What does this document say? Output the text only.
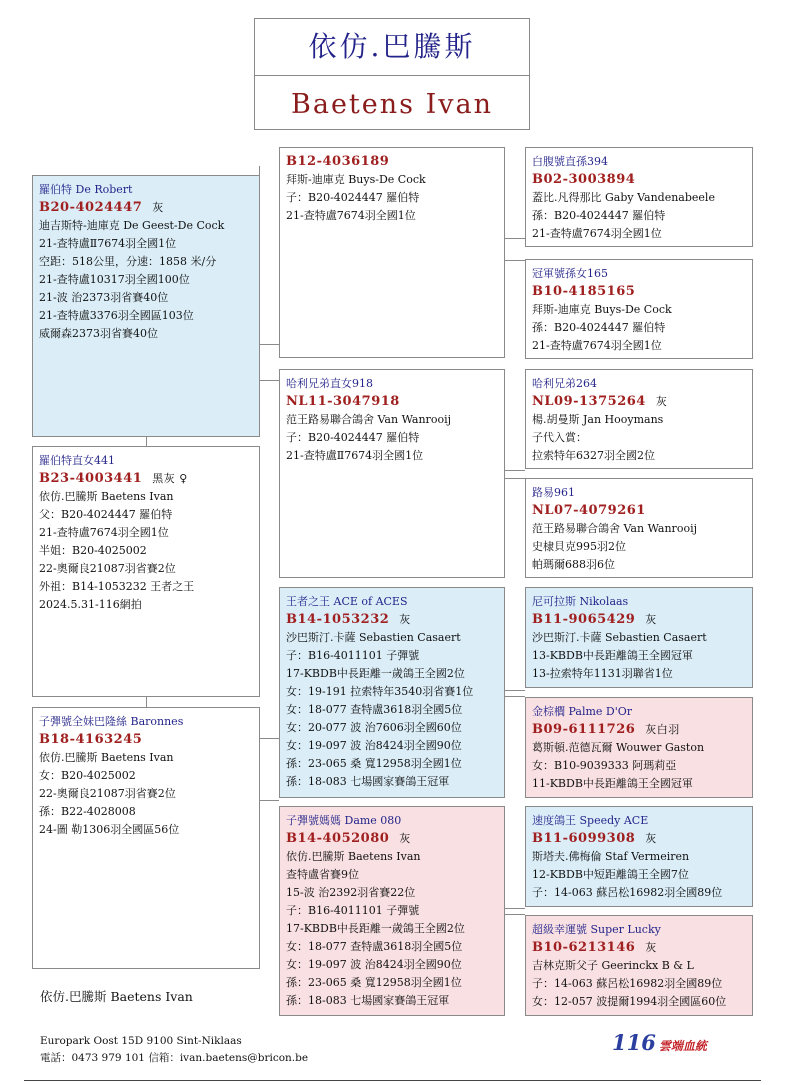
依仿.巴騰斯
Baetens Ivan
羅伯特 De Robert
B20-4024447 灰
迪吉斯特-迪庫克 De Geest-De Cock
21-查特盧Ⅱ7674羽全國1位
空距：518公里，分速：1858 米/分
21-查特盧10317羽全國100位
21-波 治2373羽省賽40位
21-查特盧3376羽全國區103位
威爾森2373羽省賽40位
羅伯特直女441
B23-4003441 黑灰 ♀
依仿.巴騰斯 Baetens Ivan
父：B20-4024447 羅伯特
21-查特盧7674羽全國1位
半姐：B20-4025002
22-奧爾良21087羽省賽2位
外祖：B14-1053232 王者之王
2024.5.31-116網拍
子彈號全妹巴隆絲 Baronnes
B18-4163245
依仿.巴騰斯 Baetens Ivan
女：B20-4025002
22-奧爾良21087羽省賽2位
孫：B22-4028008
24-圖 勒1306羽全國區56位
B12-4036189
拜斯-迪庫克 Buys-De Cock
子：B20-4024447 羅伯特
21-查特盧7674羽全國1位
哈利兄弟直女918
NL11-3047918
范王路易聯合鴿舍 Van Wanrooij
子：B20-4024447 羅伯特
21-查特盧Ⅱ7674羽全國1位
王者之王 ACE of ACES
B14-1053232 灰
沙巴斯汀.卡薩 Sebastien Casaert
子：B16-4011101 子彈號
17-KBDB中長距離一歲鴿王全國2位
女：19-191 拉索特年3540羽省賽1位
女：18-077 查特盧3618羽全國5位
女：20-077 波 治7606羽全國60位
女：19-097 波 治8424羽全國90位
孫：23-065 桑 寬12958羽全國1位
孫：18-083 七場國家賽鴿王冠軍
子彈號媽媽 Dame 080
B14-4052080 灰
依仿.巴騰斯 Baetens Ivan
查特盧省賽9位
15-波 治2392羽省賽22位
子：B16-4011101 子彈號
17-KBDB中長距離一歲鴿王全國2位
女：18-077 查特盧3618羽全國5位
女：19-097 波 治8424羽全國90位
孫：23-065 桑 寬12958羽全國1位
孫：18-083 七場國家賽鴿王冠軍
白腹號直孫394
B02-3003894
蓋比.凡得那比 Gaby Vandenabeele
孫：B20-4024447 羅伯特
21-查特盧7674羽全國1位
冠軍號孫女165
B10-4185165
拜斯-迪庫克 Buys-De Cock
孫：B20-4024447 羅伯特
21-查特盧7674羽全國1位
哈利兄弟264
NL09-1375264 灰
楊.胡曼斯 Jan Hooymans
子代入賞：
拉索特年6327羽全國2位
路易961
NL07-4079261
范王路易聯合鴿舍 Van Wanrooij
史棣貝克995羽2位
帕瑪爾688羽6位
尼可拉斯 Nikolaas
B11-9065429 灰
沙巴斯汀.卡薩 Sebastien Casaert
13-KBDB中長距離鴿王全國冠軍
13-拉索特年1131羽聯省1位
金棕櫚 Palme D'Or
B09-6111726 灰白羽
葛斯頓.范德瓦爾 Wouwer Gaston
女：B10-9039333 阿瑪莉亞
11-KBDB中長距離鴿王全國冠軍
速度鴿王 Speedy ACE
B11-6099308 灰
斯塔夫.佛梅倫 Staf Vermeiren
12-KBDB中短距離鴿王全國7位
子：14-063 蘇呂松16982羽全國89位
超級幸運號 Super Lucky
B10-6213146 灰
吉林克斯父子 Geerinckx B & L
子：14-063 蘇呂松16982羽全國89位
女：12-057 波提爾1994羽全國區60位
依仿.巴騰斯 Baetens Ivan
Europark Oost 15D 9100 Sint-Niklaas
電話：0473 979 101 信箱：ivan.baetens@bricon.be
116 雲端血統
